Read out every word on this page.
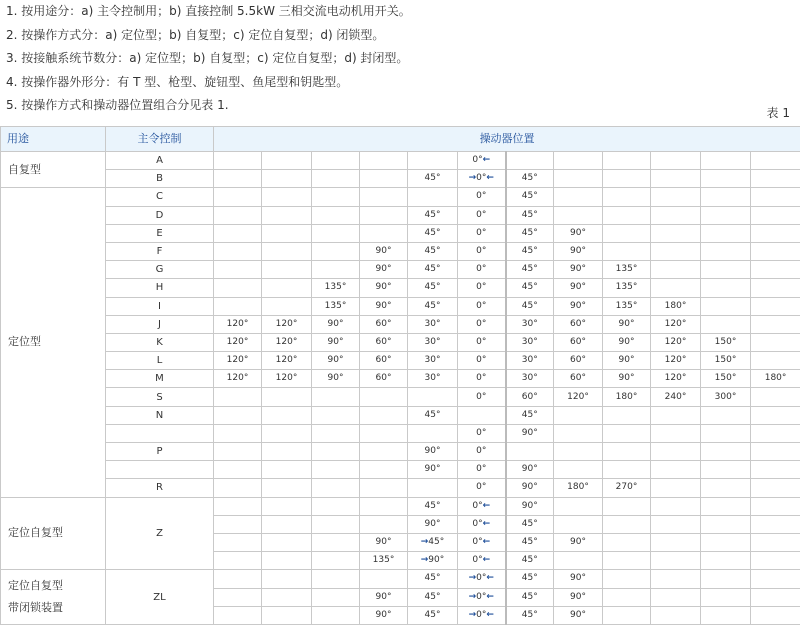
1. 按用途分：a) 主令控制用；b) 直接控制 5.5kW 三相交流电动机用开关。
2. 按操作方式分：a) 定位型；b) 自复型；c) 定位自复型；d) 闭锁型。
3. 按接触系统节数分：a) 定位型；b) 自复型；c) 定位自复型；d) 封闭型。
4. 按操作器外形分：有 T 型、枪型、旋钮型、鱼尾型和钥匙型。
5. 按操作方式和操动器位置组合分见表 1.
表 1
用途	主令控制	操动器位置											

自复型	A						0°←						
	B					45°	→0°←	45°					

定位型	C						0°	45°					
	D					45°	0°	45°					
	E					45°	0°	45°	90°				
	F				90°	45°	0°	45°	90°				
	G				90°	45°	0°	45°	90°	135°			
	H			135°	90°	45°	0°	45°	90°	135°			
	I			135°	90°	45°	0°	45°	90°	135°	180°		
	J	120°	120°	90°	60°	30°	0°	30°	60°	90°	120°		
	K	120°	120°	90°	60°	30°	0°	30°	60°	90°	120°	150°	
	L	120°	120°	90°	60°	30°	0°	30°	60°	90°	120°	150°	
	M	120°	120°	90°	60°	30°	0°	30°	60°	90°	120°	150°	180°
	S						0°	60°	120°	180°	240°	300°	
	N					45°		45°					
							0°	90°					
	P					90°	0°						
						90°	0°	90°					
	R						0°	90°	180°	270°			

定位自复型	Z					45°	0°←	90°					
						90°	0°←	45°					
					90°	→45°	0°←	45°	90°				
					135°	→90°	0°←	45°					

定位自复型
带闭锁装置	ZL					45°	→0°←	45°	90°				
					90°	45°	→0°←	45°	90°				
					90°	45°	→0°←	45°	90°				
